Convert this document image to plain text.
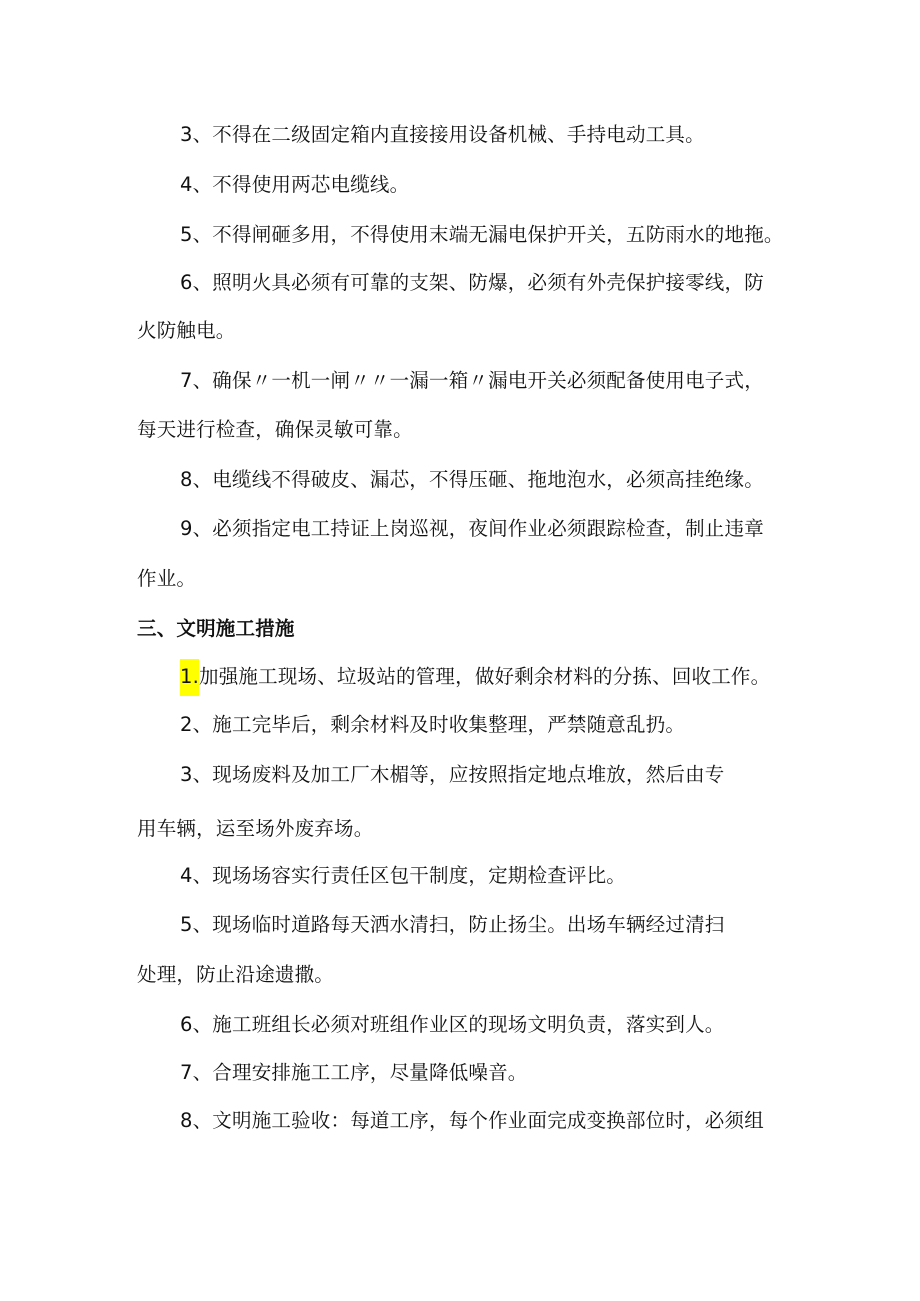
3、不得在二级固定箱内直接接用设备机械、手持电动工具。
4、不得使用两芯电缆线。
5、不得闸砸多用，不得使用末端无漏电保护开关，五防雨水的地拖。
6、照明火具必须有可靠的支架、防爆，必须有外壳保护接零线，防
火防触电。
7、确保〃一机一闸〃〃一漏一箱〃漏电开关必须配备使用电子式，
每天进行检查，确保灵敏可靠。
8、电缆线不得破皮、漏芯，不得压砸、拖地泡水，必须高挂绝缘。
9、必须指定电工持证上岗巡视，夜间作业必须跟踪检查，制止违章
作业。
三、文明施工措施
1.加强施工现场、垃圾站的管理，做好剩余材料的分拣、回收工作。
2、施工完毕后，剩余材料及时收集整理，严禁随意乱扔。
3、现场废料及加工厂木楣等，应按照指定地点堆放，然后由专
用车辆，运至场外废弃场。
4、现场场容实行责任区包干制度，定期检查评比。
5、现场临时道路每天洒水清扫，防止扬尘。出场车辆经过清扫
处理，防止沿途遗撒。
6、施工班组长必须对班组作业区的现场文明负责，落实到人。
7、合理安排施工工序，尽量降低噪音。
8、文明施工验收：每道工序，每个作业面完成变换部位时，必须组
